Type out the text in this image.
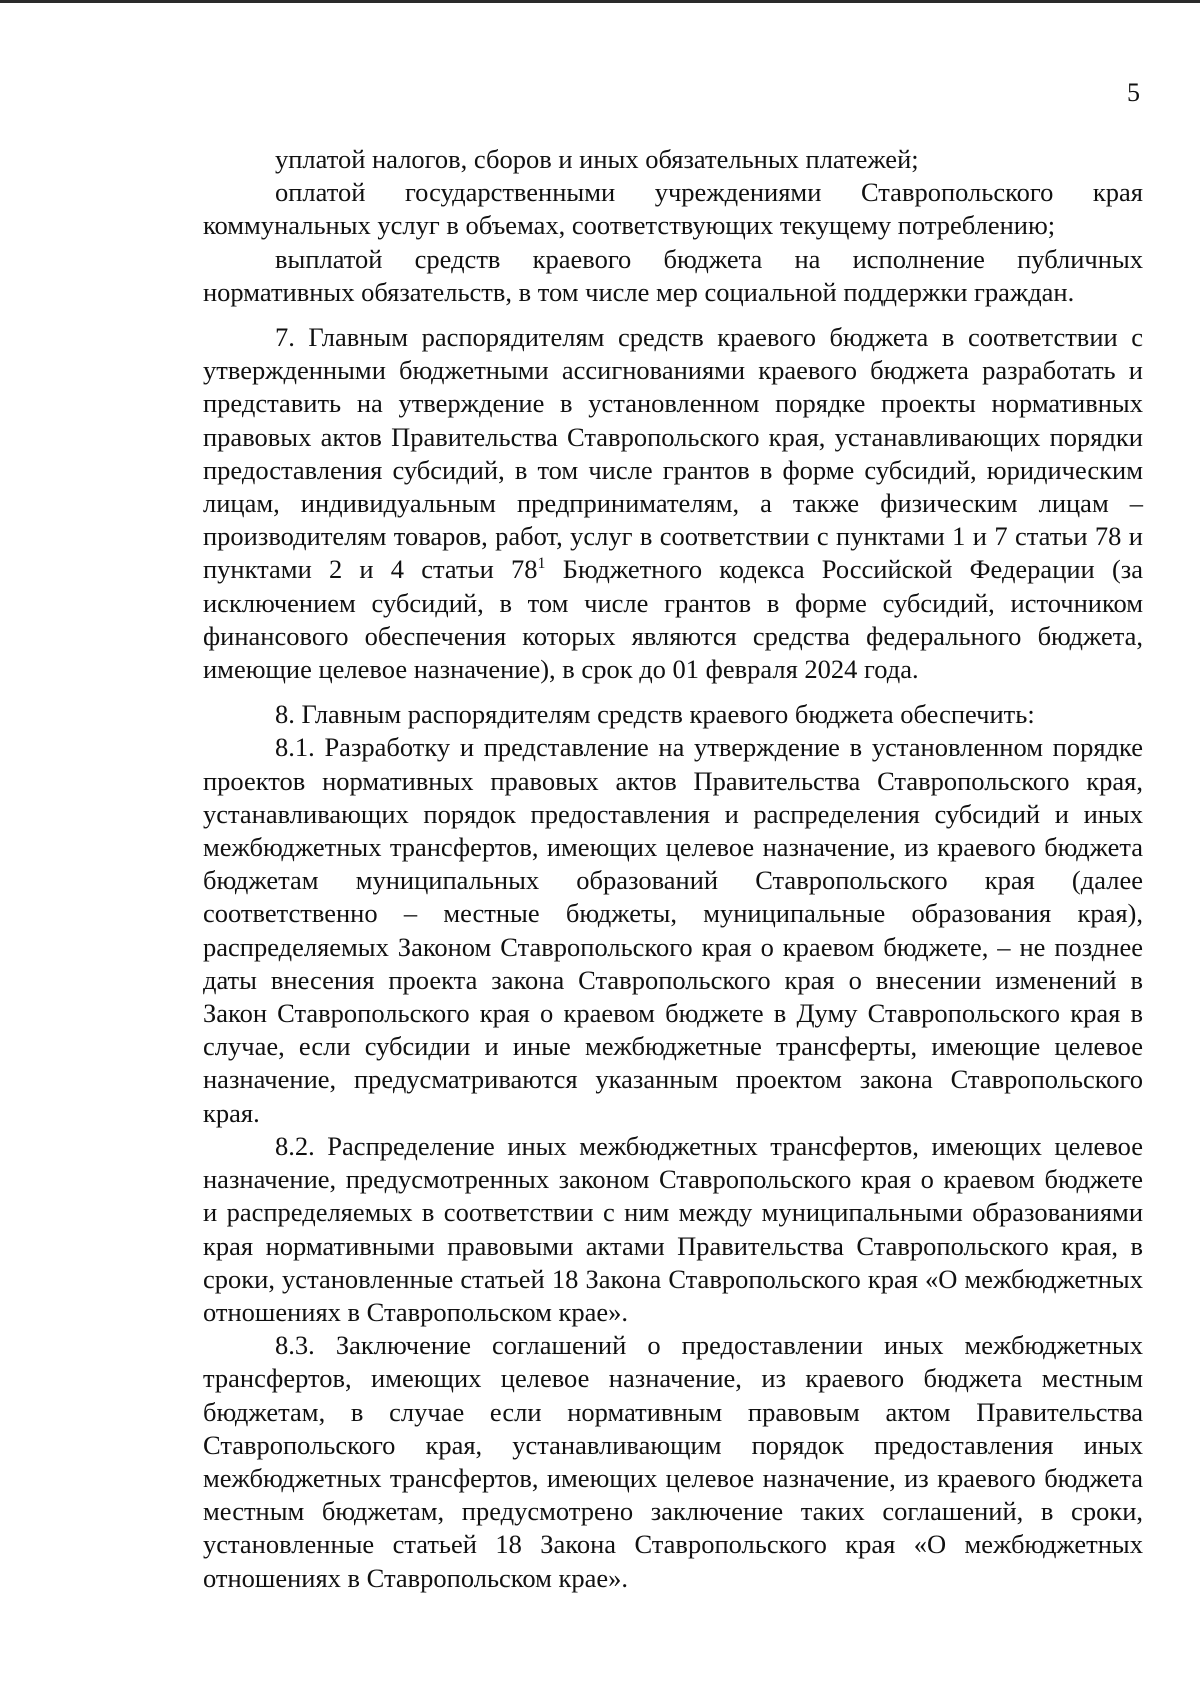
5

уплатой налогов, сборов и иных обязательных платежей;

оплатой государственными учреждениями Ставропольского края коммунальных услуг в объемах, соответствующих текущему потреблению;

выплатой средств краевого бюджета на исполнение публичных нормативных обязательств, в том числе мер социальной поддержки граждан.

7. Главным распорядителям средств краевого бюджета в соответствии с утвержденными бюджетными ассигнованиями краевого бюджета разработать и представить на утверждение в установленном порядке проекты нормативных правовых актов Правительства Ставропольского края, устанавливающих порядки предоставления субсидий, в том числе грантов в форме субсидий, юридическим лицам, индивидуальным предпринимателям, а также физическим лицам – производителям товаров, работ, услуг в соответствии с пунктами 1 и 7 статьи 78 и пунктами 2 и 4 статьи $78^1$ Бюджетного кодекса Российской Федерации (за исключением субсидий, в том числе грантов в форме субсидий, источником финансового обеспечения которых являются средства федерального бюджета, имеющие целевое назначение), в срок до 01 февраля 2024 года.

8. Главным распорядителям средств краевого бюджета обеспечить:

8.1. Разработку и представление на утверждение в установленном порядке проектов нормативных правовых актов Правительства Ставропольского края, устанавливающих порядок предоставления и распределения субсидий и иных межбюджетных трансфертов, имеющих целевое назначение, из краевого бюджета бюджетам муниципальных образований Ставропольского края (далее соответственно – местные бюджеты, муниципальные образования края), распределяемых Законом Ставропольского края о краевом бюджете, – не позднее даты внесения проекта закона Ставропольского края о внесении изменений в Закон Ставропольского края о краевом бюджете в Думу Ставропольского края в случае, если субсидии и иные межбюджетные трансферты, имеющие целевое назначение, предусматриваются указанным проектом закона Ставропольского края.

8.2. Распределение иных межбюджетных трансфертов, имеющих целевое назначение, предусмотренных законом Ставропольского края о краевом бюджете и распределяемых в соответствии с ним между муниципальными образованиями края нормативными правовыми актами Правительства Ставропольского края, в сроки, установленные статьей 18 Закона Ставропольского края «О межбюджетных отношениях в Ставропольском крае».

8.3. Заключение соглашений о предоставлении иных межбюджетных трансфертов, имеющих целевое назначение, из краевого бюджета местным бюджетам, в случае если нормативным правовым актом Правительства Ставропольского края, устанавливающим порядок предоставления иных межбюджетных трансфертов, имеющих целевое назначение, из краевого бюджета местным бюджетам, предусмотрено заключение таких соглашений, в сроки, установленные статьей 18 Закона Ставропольского края «О межбюджетных отношениях в Ставропольском крае».
